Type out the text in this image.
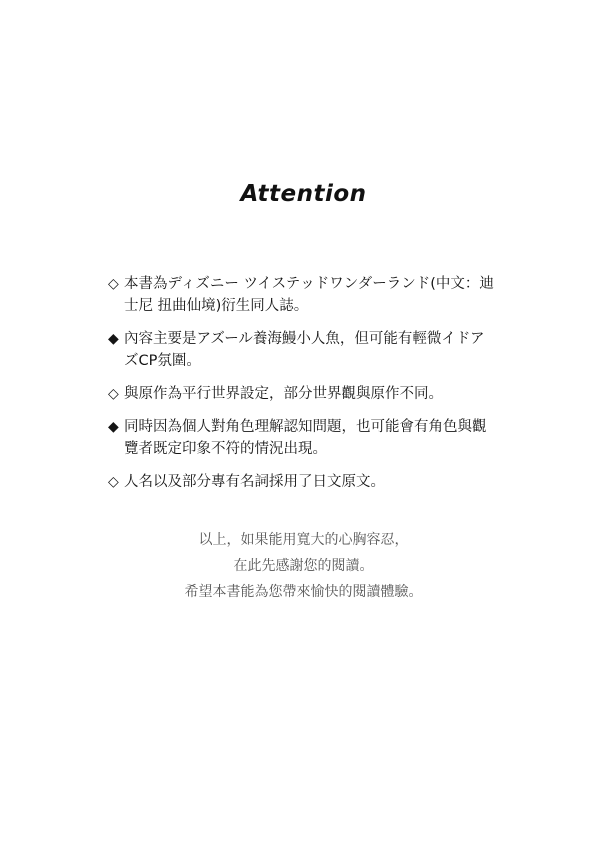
Attention
◇ 本書為ディズニー ツイステッドワンダーランド(中文：迪士尼 扭曲仙境)衍生同人誌。
◆ 內容主要是アズール養海鰻小人魚，但可能有輕微イドアズCP氛圍。
◇ 與原作為平行世界設定，部分世界觀與原作不同。
◆ 同時因為個人對角色理解認知問題，也可能會有角色與觀覽者既定印象不符的情況出現。
◇ 人名以及部分專有名詞採用了日文原文。
以上，如果能用寬大的心胸容忍，
在此先感謝您的閱讀。
希望本書能為您帶來愉快的閱讀體驗。
